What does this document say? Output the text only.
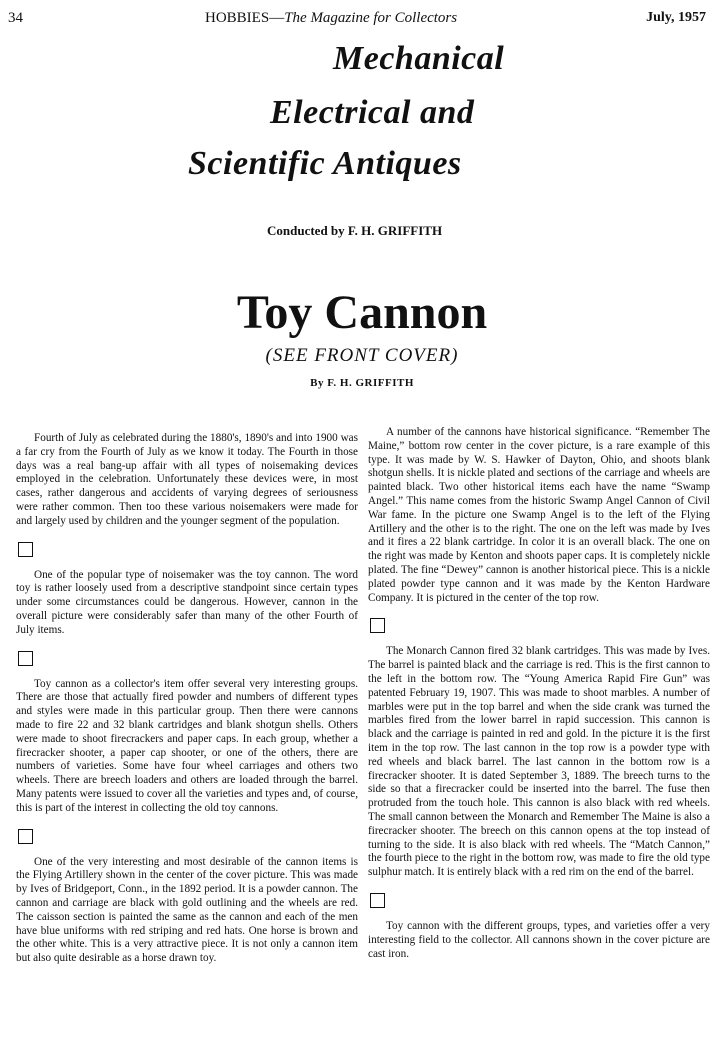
34	HOBBIES—The Magazine for Collectors	July, 1957
Mechanical
Electrical and
Scientific Antiques
Conducted by F. H. GRIFFITH
Toy Cannon
(SEE FRONT COVER)
By F. H. GRIFFITH

Fourth of July as celebrated during the 1880's, 1890's and into 1900 was a far cry from the Fourth of July as we know it today. The Fourth in those days was a real bang-up affair with all types of noisemaking devices employed in the celebration. Unfortunately these devices were, in most cases, rather dangerous and accidents of varying degrees of seriousness were rather common. Then too these various noisemakers were made for and largely used by children and the younger segment of the population.

One of the popular type of noisemaker was the toy cannon. The word toy is rather loosely used from a descriptive standpoint since certain types under some circumstances could be dangerous. However, cannon in the overall picture were considerably safer than many of the other Fourth of July items.

Toy cannon as a collector's item offer several very interesting groups. There are those that actually fired powder and numbers of different types and styles were made in this particular group. Then there were cannons made to fire 22 and 32 blank cartridges and blank shotgun shells. Others were made to shoot firecrackers and paper caps. In each group, whether a firecracker shooter, a paper cap shooter, or one of the others, there are numbers of varieties. Some have four wheel carriages and others two wheels. There are breech loaders and others are loaded through the barrel. Many patents were issued to cover all the varieties and types and, of course, this is part of the interest in collecting the old toy cannons.

One of the very interesting and most desirable of the cannon items is the Flying Artillery shown in the center of the cover picture. This was made by Ives of Bridgeport, Conn., in the 1892 period. It is a powder cannon. The cannon and carriage are black with gold outlining and the wheels are red. The caisson section is painted the same as the cannon and each of the men have blue uniforms with red striping and red hats. One horse is brown and the other white. This is a very attractive piece. It is not only a cannon item but also quite desirable as a horse drawn toy.

A number of the cannons have historical significance. “Remember The Maine,” bottom row center in the cover picture, is a rare example of this type. It was made by W. S. Hawker of Dayton, Ohio, and shoots blank shotgun shells. It is nickle plated and sections of the carriage and wheels are painted black. Two other historical items each have the name “Swamp Angel.” This name comes from the historic Swamp Angel Cannon of Civil War fame. In the picture one Swamp Angel is to the left of the Flying Artillery and the other is to the right. The one on the left was made by Ives and it fires a 22 blank cartridge. In color it is an overall black. The one on the right was made by Kenton and shoots paper caps. It is completely nickle plated. The fine “Dewey” cannon is another historical piece. This is a nickle plated powder type cannon and it was made by the Kenton Hardware Company. It is pictured in the center of the top row.

The Monarch Cannon fired 32 blank cartridges. This was made by Ives. The barrel is painted black and the carriage is red. This is the first cannon to the left in the bottom row. The “Young America Rapid Fire Gun” was patented February 19, 1907. This was made to shoot marbles. A number of marbles were put in the top barrel and when the side crank was turned the marbles fired from the lower barrel in rapid succession. This cannon is black and the carriage is painted in red and gold. In the picture it is the first item in the top row. The last cannon in the top row is a powder type with red wheels and black barrel. The last cannon in the bottom row is a firecracker shooter. It is dated September 3, 1889. The breech turns to the side so that a firecracker could be inserted into the barrel. The fuse then protruded from the touch hole. This cannon is also black with red wheels. The small cannon between the Monarch and Remember The Maine is also a firecracker shooter. The breech on this cannon opens at the top instead of turning to the side. It is also black with red wheels. The “Match Cannon,” the fourth piece to the right in the bottom row, was made to fire the old type sulphur match. It is entirely black with a red rim on the end of the barrel.

Toy cannon with the different groups, types, and varieties offer a very interesting field to the collector. All cannons shown in the cover picture are cast iron.
